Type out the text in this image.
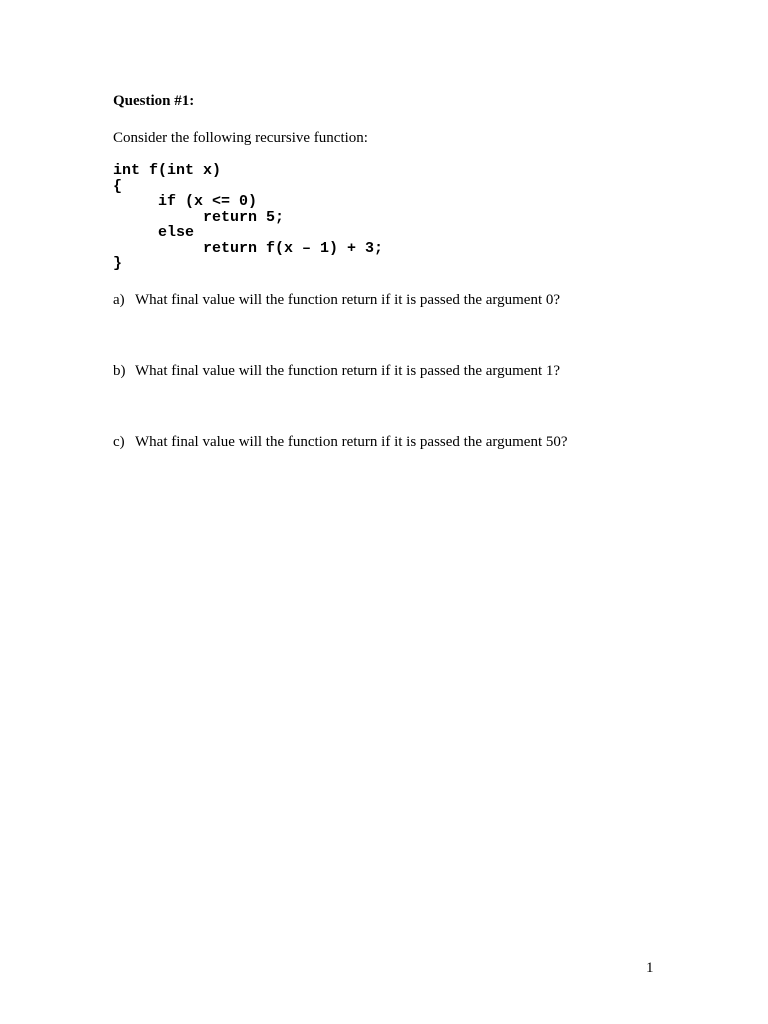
Question #1:
Consider the following recursive function:
int f(int x)
{
if (x <= 0)
return 5;
else
return f(x – 1) + 3;
}
a) What final value will the function return if it is passed the argument 0?
b) What final value will the function return if it is passed the argument 1?
c) What final value will the function return if it is passed the argument 50?
1
